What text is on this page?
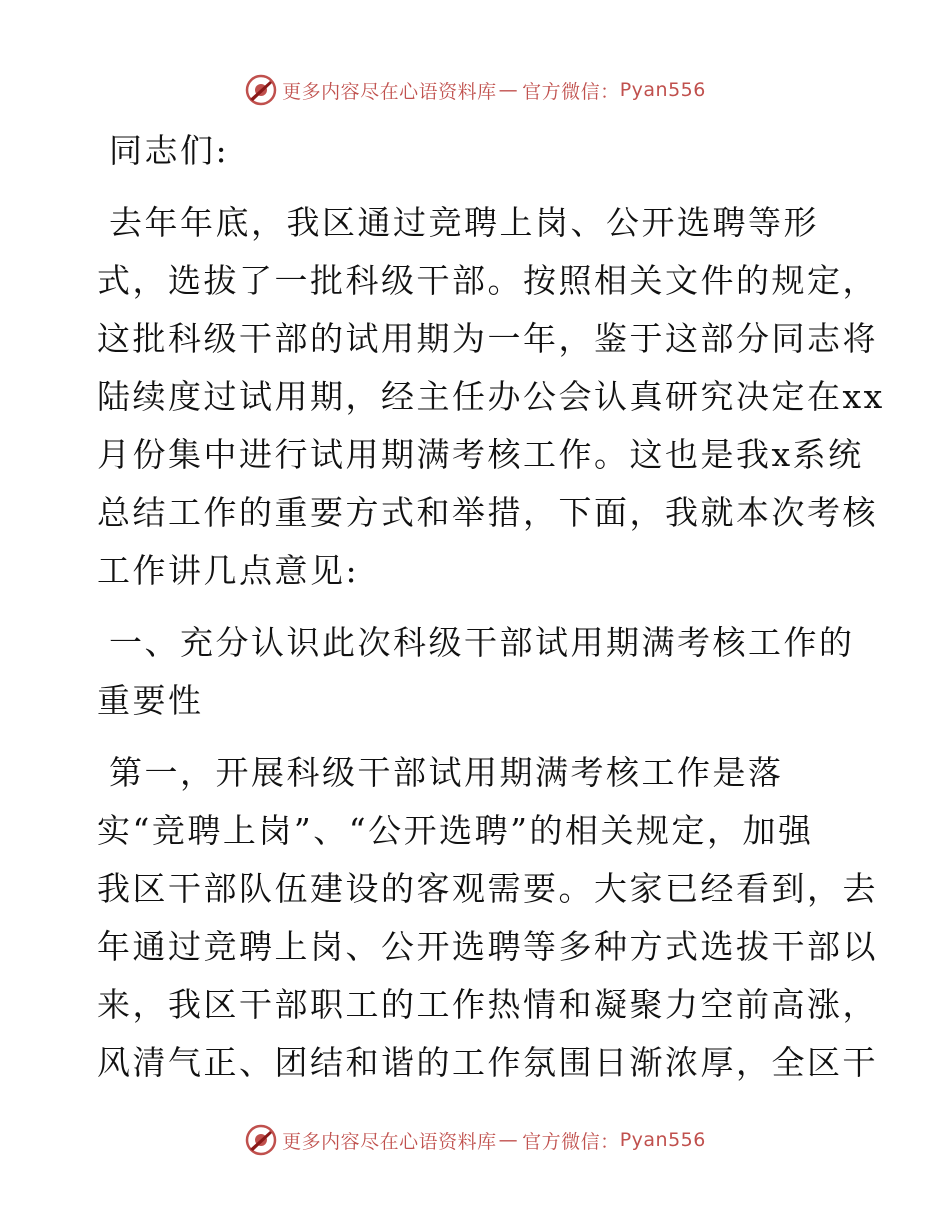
更多内容尽在心语资料库 — 官方微信： Pyan556

同志们:

去年年底，我区通过竞聘上岗、公开选聘等形
式，选拔了一批科级干部。按照相关文件的规定，
这批科级干部的试用期为一年，鉴于这部分同志将
陆续度过试用期，经主任办公会认真研究决定在xx
月份集中进行试用期满考核工作。这也是我x系统
总结工作的重要方式和举措，下面，我就本次考核
工作讲几点意见:

一、充分认识此次科级干部试用期满考核工作的
重要性

第一，开展科级干部试用期满考核工作是落
实“竞聘上岗”、“公开选聘”的相关规定，加强
我区干部队伍建设的客观需要。大家已经看到，去
年通过竞聘上岗、公开选聘等多种方式选拔干部以
来，我区干部职工的工作热情和凝聚力空前高涨，
风清气正、团结和谐的工作氛围日渐浓厚，全区干

更多内容尽在心语资料库 — 官方微信： Pyan556
